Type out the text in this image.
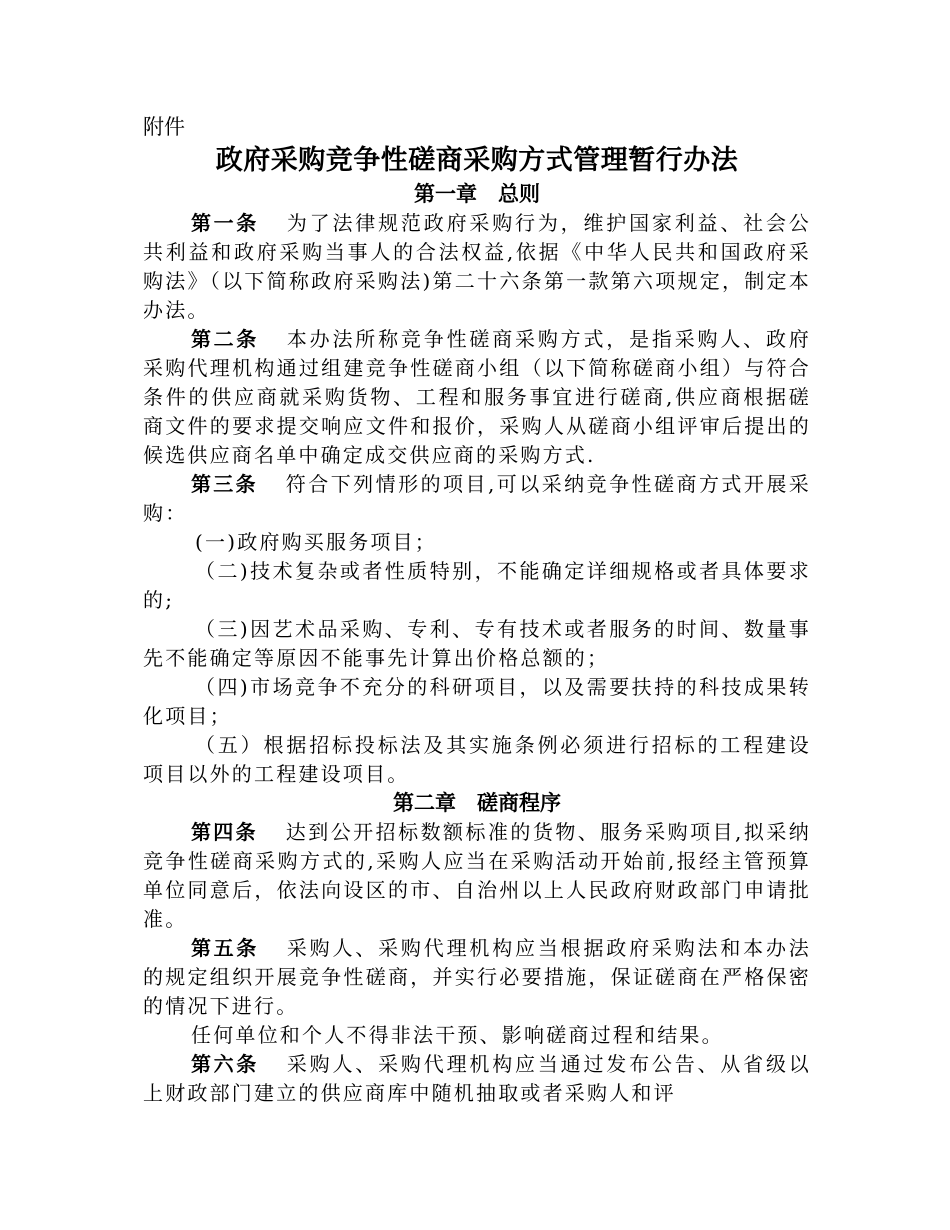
附件
政府采购竞争性磋商采购方式管理暂行办法
第一章　总则

第一条 为了法律规范政府采购行为，维护国家利益、社会公共利益和政府采购当事人的合法权益,依据《中华人民共和国政府采购法》（以下简称政府采购法)第二十六条第一款第六项规定，制定本办法。

第二条 本办法所称竞争性磋商采购方式，是指采购人、政府采购代理机构通过组建竞争性磋商小组（以下简称磋商小组）与符合条件的供应商就采购货物、工程和服务事宜进行磋商,供应商根据磋商文件的要求提交响应文件和报价，采购人从磋商小组评审后提出的候选供应商名单中确定成交供应商的采购方式.

第三条 符合下列情形的项目,可以采纳竞争性磋商方式开展采购：

(一)政府购买服务项目；

（二)技术复杂或者性质特别，不能确定详细规格或者具体要求的;

（三)因艺术品采购、专利、专有技术或者服务的时间、数量事先不能确定等原因不能事先计算出价格总额的；

（四)市场竞争不充分的科研项目，以及需要扶持的科技成果转化项目；

（五）根据招标投标法及其实施条例必须进行招标的工程建设项目以外的工程建设项目。

第二章　磋商程序

第四条 达到公开招标数额标准的货物、服务采购项目,拟采纳竞争性磋商采购方式的,采购人应当在采购活动开始前,报经主管预算单位同意后，依法向设区的市、自治州以上人民政府财政部门申请批准。

第五条 采购人、采购代理机构应当根据政府采购法和本办法的规定组织开展竞争性磋商，并实行必要措施，保证磋商在严格保密的情况下进行。

任何单位和个人不得非法干预、影响磋商过程和结果。

第六条 采购人、采购代理机构应当通过发布公告、从省级以上财政部门建立的供应商库中随机抽取或者采购人和评
